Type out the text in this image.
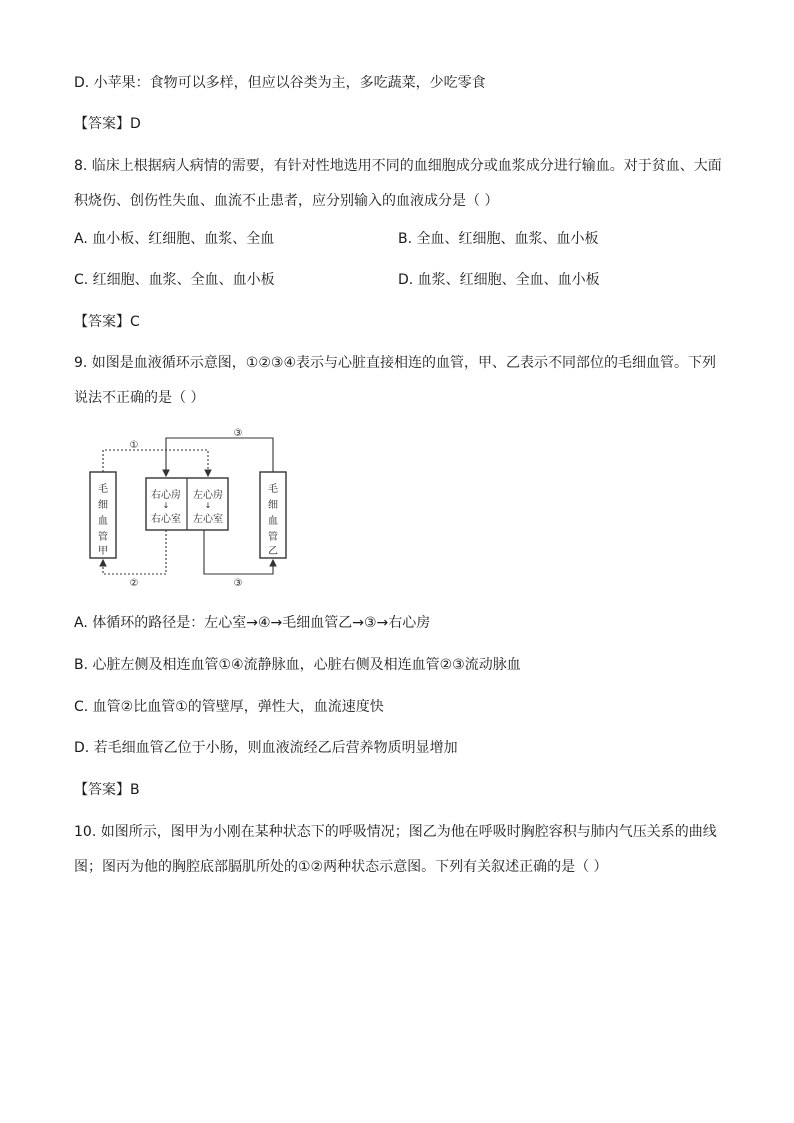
D. 小苹果：食物可以多样，但应以谷类为主，多吃蔬菜，少吃零食
【答案】D
8. 临床上根据病人病情的需要，有针对性地选用不同的血细胞成分或血浆成分进行输血。对于贫血、大面
积烧伤、创伤性失血、血流不止患者，应分别输入的血液成分是（ ）
A. 血小板、红细胞、血浆、全血	B. 全血、红细胞、血浆、血小板
C. 红细胞、血浆、全血、血小板	D. 血浆、红细胞、全血、血小板
【答案】C
9. 如图是血液循环示意图，①②③④表示与心脏直接相连的血管，甲、乙表示不同部位的毛细血管。下列
说法不正确的是（ ）
毛
细
血
管
甲
毛
细
血
管
乙
右心房 左心房
↓	↓
右心室 左心室
①
③
②	③
A. 体循环的路径是：左心室→④→毛细血管乙→③→右心房
B. 心脏左侧及相连血管①④流静脉血，心脏右侧及相连血管②③流动脉血
C. 血管②比血管①的管壁厚，弹性大，血流速度快
D. 若毛细血管乙位于小肠，则血液流经乙后营养物质明显增加
【答案】B
10. 如图所示，图甲为小刚在某种状态下的呼吸情况；图乙为他在呼吸时胸腔容积与肺内气压关系的曲线
图；图丙为他的胸腔底部膈肌所处的①②两种状态示意图。下列有关叙述正确的是（ ）
